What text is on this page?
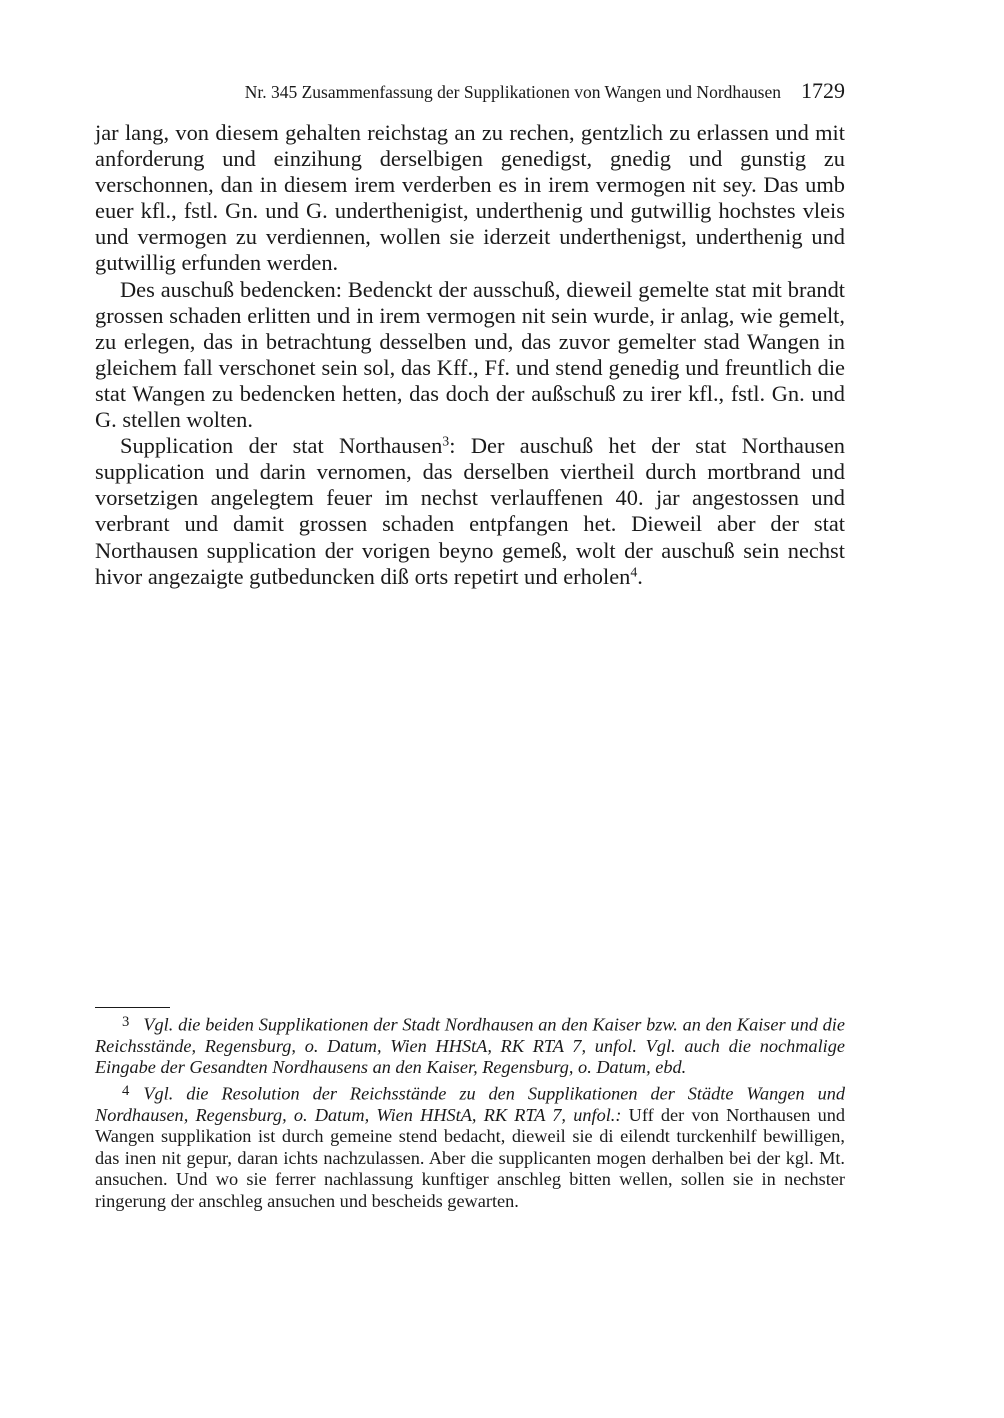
Nr. 345 Zusammenfassung der Supplikationen von Wangen und Nordhausen 1729

jar lang, von diesem gehalten reichstag an zu rechen, gentzlich zu erlassen und mit anforderung und einzihung derselbigen genedigst, gnedig und gunstig zu verschonnen, dan in diesem irem verderben es in irem vermogen nit sey. Das umb euer kfl., fstl. Gn. und G. underthenigist, underthenig und gutwillig hochstes vleis und vermogen zu verdiennen, wollen sie iderzeit underthenigst, underthenig und gutwillig erfunden werden.

Des auschuß bedencken: Bedenckt der ausschuß, dieweil gemelte stat mit brandt grossen schaden erlitten und in irem vermogen nit sein wurde, ir anlag, wie gemelt, zu erlegen, das in betrachtung desselben und, das zuvor gemelter stad Wangen in gleichem fall verschonet sein sol, das Kff., Ff. und stend genedig und freuntlich die stat Wangen zu bedencken hetten, das doch der außschuß zu irer kfl., fstl. Gn. und G. stellen wolten.

Supplication der stat Northausen$^3$: Der auschuß het der stat Northausen supplication und darin vernomen, das derselben viertheil durch mortbrand und vorsetzigen angelegtem feuer im nechst verlauffenen 40. jar angestossen und verbrant und damit grossen schaden entpfangen het. Dieweil aber der stat Northausen supplication der vorigen beyno gemeß, wolt der auschuß sein nechst hivor angezaigte gutbeduncken diß orts repetirt und erholen$^4$.

$^3$ Vgl. die beiden Supplikationen der Stadt Nordhausen an den Kaiser bzw. an den Kaiser und die Reichsstände, Regensburg, o. Datum, Wien HHStA, RK RTA 7, unfol. Vgl. auch die nochmalige Eingabe der Gesandten Nordhausens an den Kaiser, Regensburg, o. Datum, ebd.

$^4$ Vgl. die Resolution der Reichsstände zu den Supplikationen der Städte Wangen und Nordhausen, Regensburg, o. Datum, Wien HHStA, RK RTA 7, unfol.: Uff der von Northausen und Wangen supplikation ist durch gemeine stend bedacht, dieweil sie di eilendt turckenhilf bewilligen, das inen nit gepur, daran ichts nachzulassen. Aber die supplicanten mogen derhalben bei der kgl. Mt. ansuchen. Und wo sie ferrer nachlassung kunftiger anschleg bitten wellen, sollen sie in nechster ringerung der anschleg ansuchen und bescheids gewarten.
